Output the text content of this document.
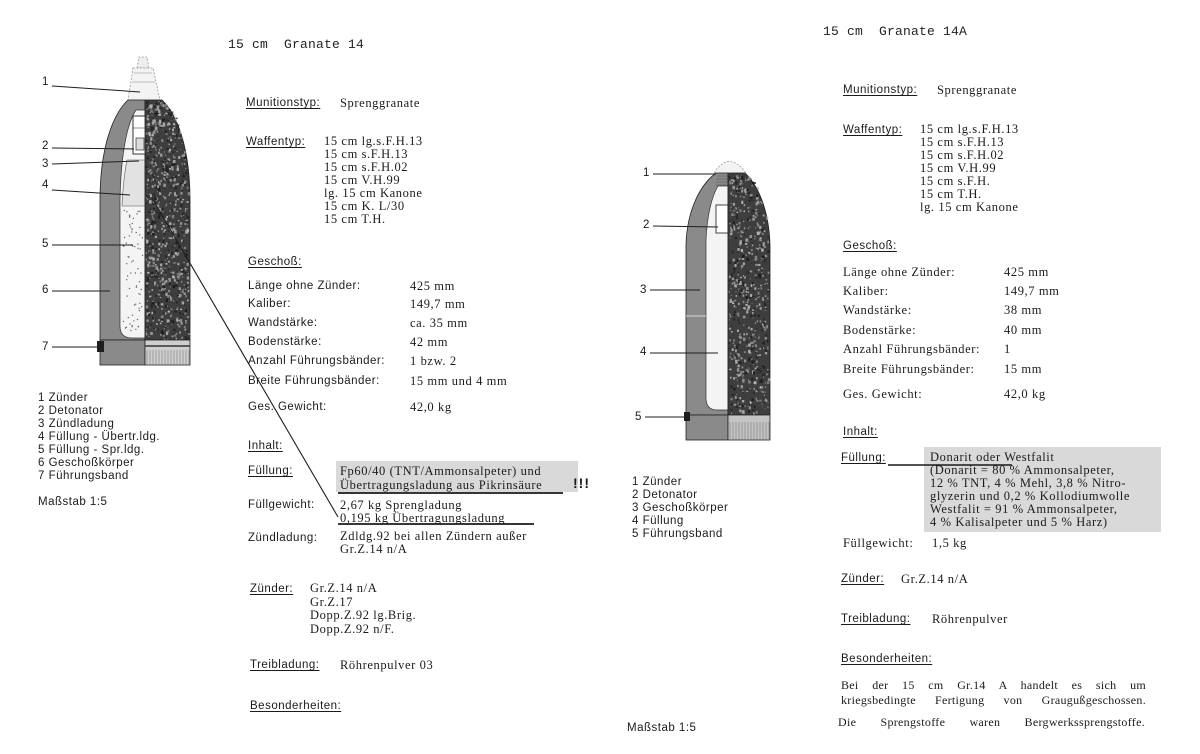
15 cm  Granate 14
1
2
3
4
5
6
7
1 Zünder
2 Detonator
3 Zündladung
4 Füllung - Übertr.ldg.
5 Füllung - Spr.ldg.
6 Geschoßkörper
7 Führungsband
Maßstab 1:5
Munitionstyp: Sprenggranate
Waffentyp: 15 cm lg.s.F.H.13
15 cm s.F.H.13
15 cm s.F.H.02
15 cm V.H.99
lg. 15 cm Kanone
15 cm K. L/30
15 cm T.H.
Geschoß:
Länge ohne Zünder:	425 mm
Kaliber:	149,7 mm
Wandstärke:	ca. 35 mm
Bodenstärke:	42 mm
Anzahl Führungsbänder: 1 bzw. 2
Breite Führungsbänder: 15 mm und 4 mm
Ges. Gewicht:	42,0 kg
Inhalt:
Füllung:	Fp60/40 (TNT/Ammonsalpeter) und
Übertragungsladung aus Pikrinsäure !!!
Füllgewicht: 2,67 kg Sprengladung
0,195 kg Übertragungsladung
Zündladung: Zdldg.92 bei allen Zündern außer
Gr.Z.14 n/A
Zünder: Gr.Z.14 n/A
Gr.Z.17
Dopp.Z.92 lg.Brig.
Dopp.Z.92 n/F.
Treibladung: Röhrenpulver 03
Besonderheiten:
15 cm  Granate 14A
1
2
3
4
5
1 Zünder
2 Detonator
3 Geschoßkörper
4 Füllung
5 Führungsband
Maßstab 1:5
Munitionstyp: Sprenggranate
Waffentyp: 15 cm lg.s.F.H.13
15 cm s.F.H.13
15 cm s.F.H.02
15 cm V.H.99
15 cm s.F.H.
15 cm T.H.
lg. 15 cm Kanone
Geschoß:
Länge ohne Zünder:	425 mm
Kaliber:	149,7 mm
Wandstärke:	38 mm
Bodenstärke:	40 mm
Anzahl Führungsbänder: 1
Breite Führungsbänder: 15 mm
Ges. Gewicht:	42,0 kg
Inhalt:
Füllung:	Donarit oder Westfalit
(Donarit = 80 % Ammonsalpeter,
12 % TNT, 4 % Mehl, 3,8 % Nitro-
glyzerin und 0,2 % Kollodiumwolle
Westfalit = 91 % Ammonsalpeter,
4 % Kalisalpeter und 5 % Harz)
Füllgewicht: 1,5 kg
Zünder: Gr.Z.14 n/A
Treibladung: Röhrenpulver
Besonderheiten:
Bei der 15 cm Gr.14 A handelt es sich um
kriegsbedingte Fertigung von Graugußgeschossen.
Die Sprengstoffe waren Bergwerkssprengstoffe.
